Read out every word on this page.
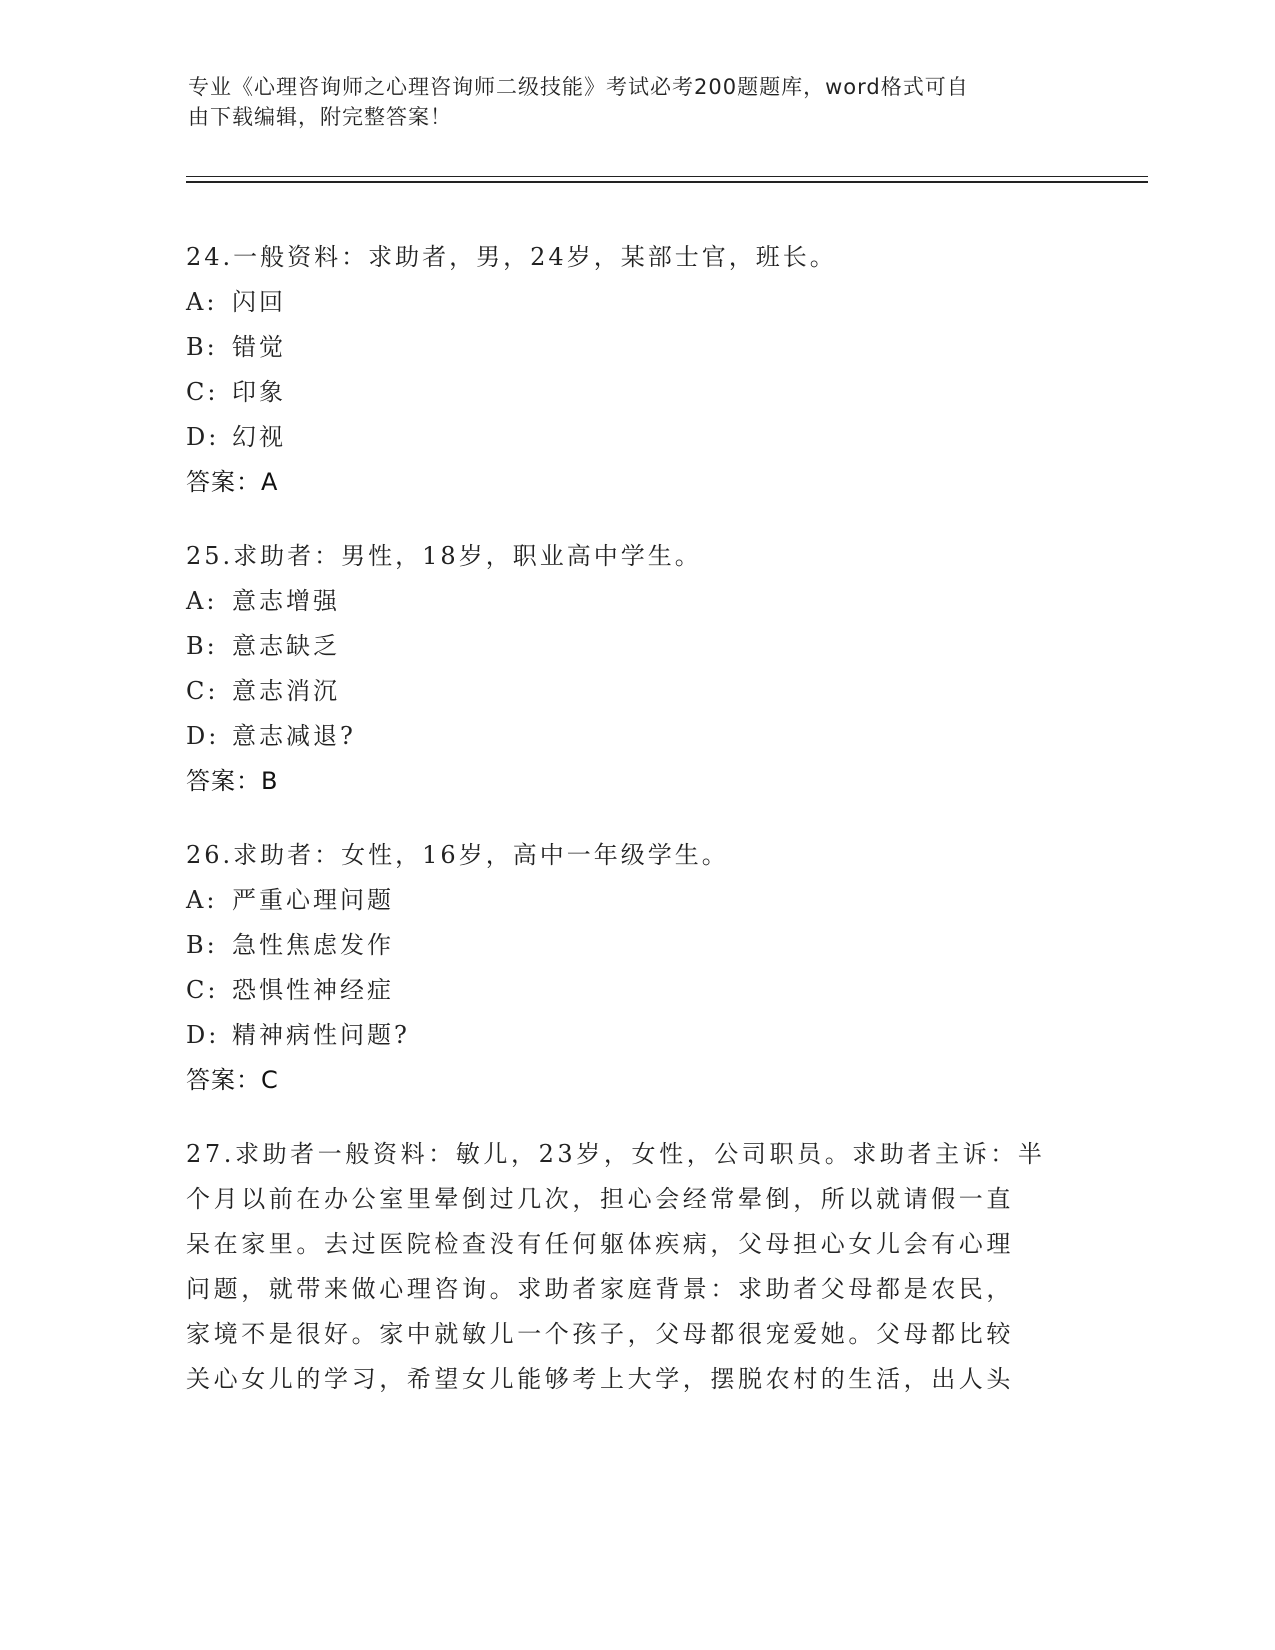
专业《心理咨询师之心理咨询师二级技能》考试必考200题题库，word格式可自
由下载编辑，附完整答案！
24.一般资料：求助者，男，24岁，某部士官，班长。
A: 闪回
B: 错觉
C: 印象
D: 幻视
答案：A
25.求助者：男性，18岁，职业高中学生。
A: 意志增强
B: 意志缺乏
C: 意志消沉
D: 意志减退?
答案：B
26.求助者：女性，16岁，高中一年级学生。
A: 严重心理问题
B: 急性焦虑发作
C: 恐惧性神经症
D: 精神病性问题?
答案：C
27.求助者一般资料：敏儿，23岁，女性，公司职员。求助者主诉：半
个月以前在办公室里晕倒过几次，担心会经常晕倒，所以就请假一直
呆在家里。去过医院检查没有任何躯体疾病，父母担心女儿会有心理
问题，就带来做心理咨询。求助者家庭背景：求助者父母都是农民，
家境不是很好。家中就敏儿一个孩子，父母都很宠爱她。父母都比较
关心女儿的学习，希望女儿能够考上大学，摆脱农村的生活，出人头
